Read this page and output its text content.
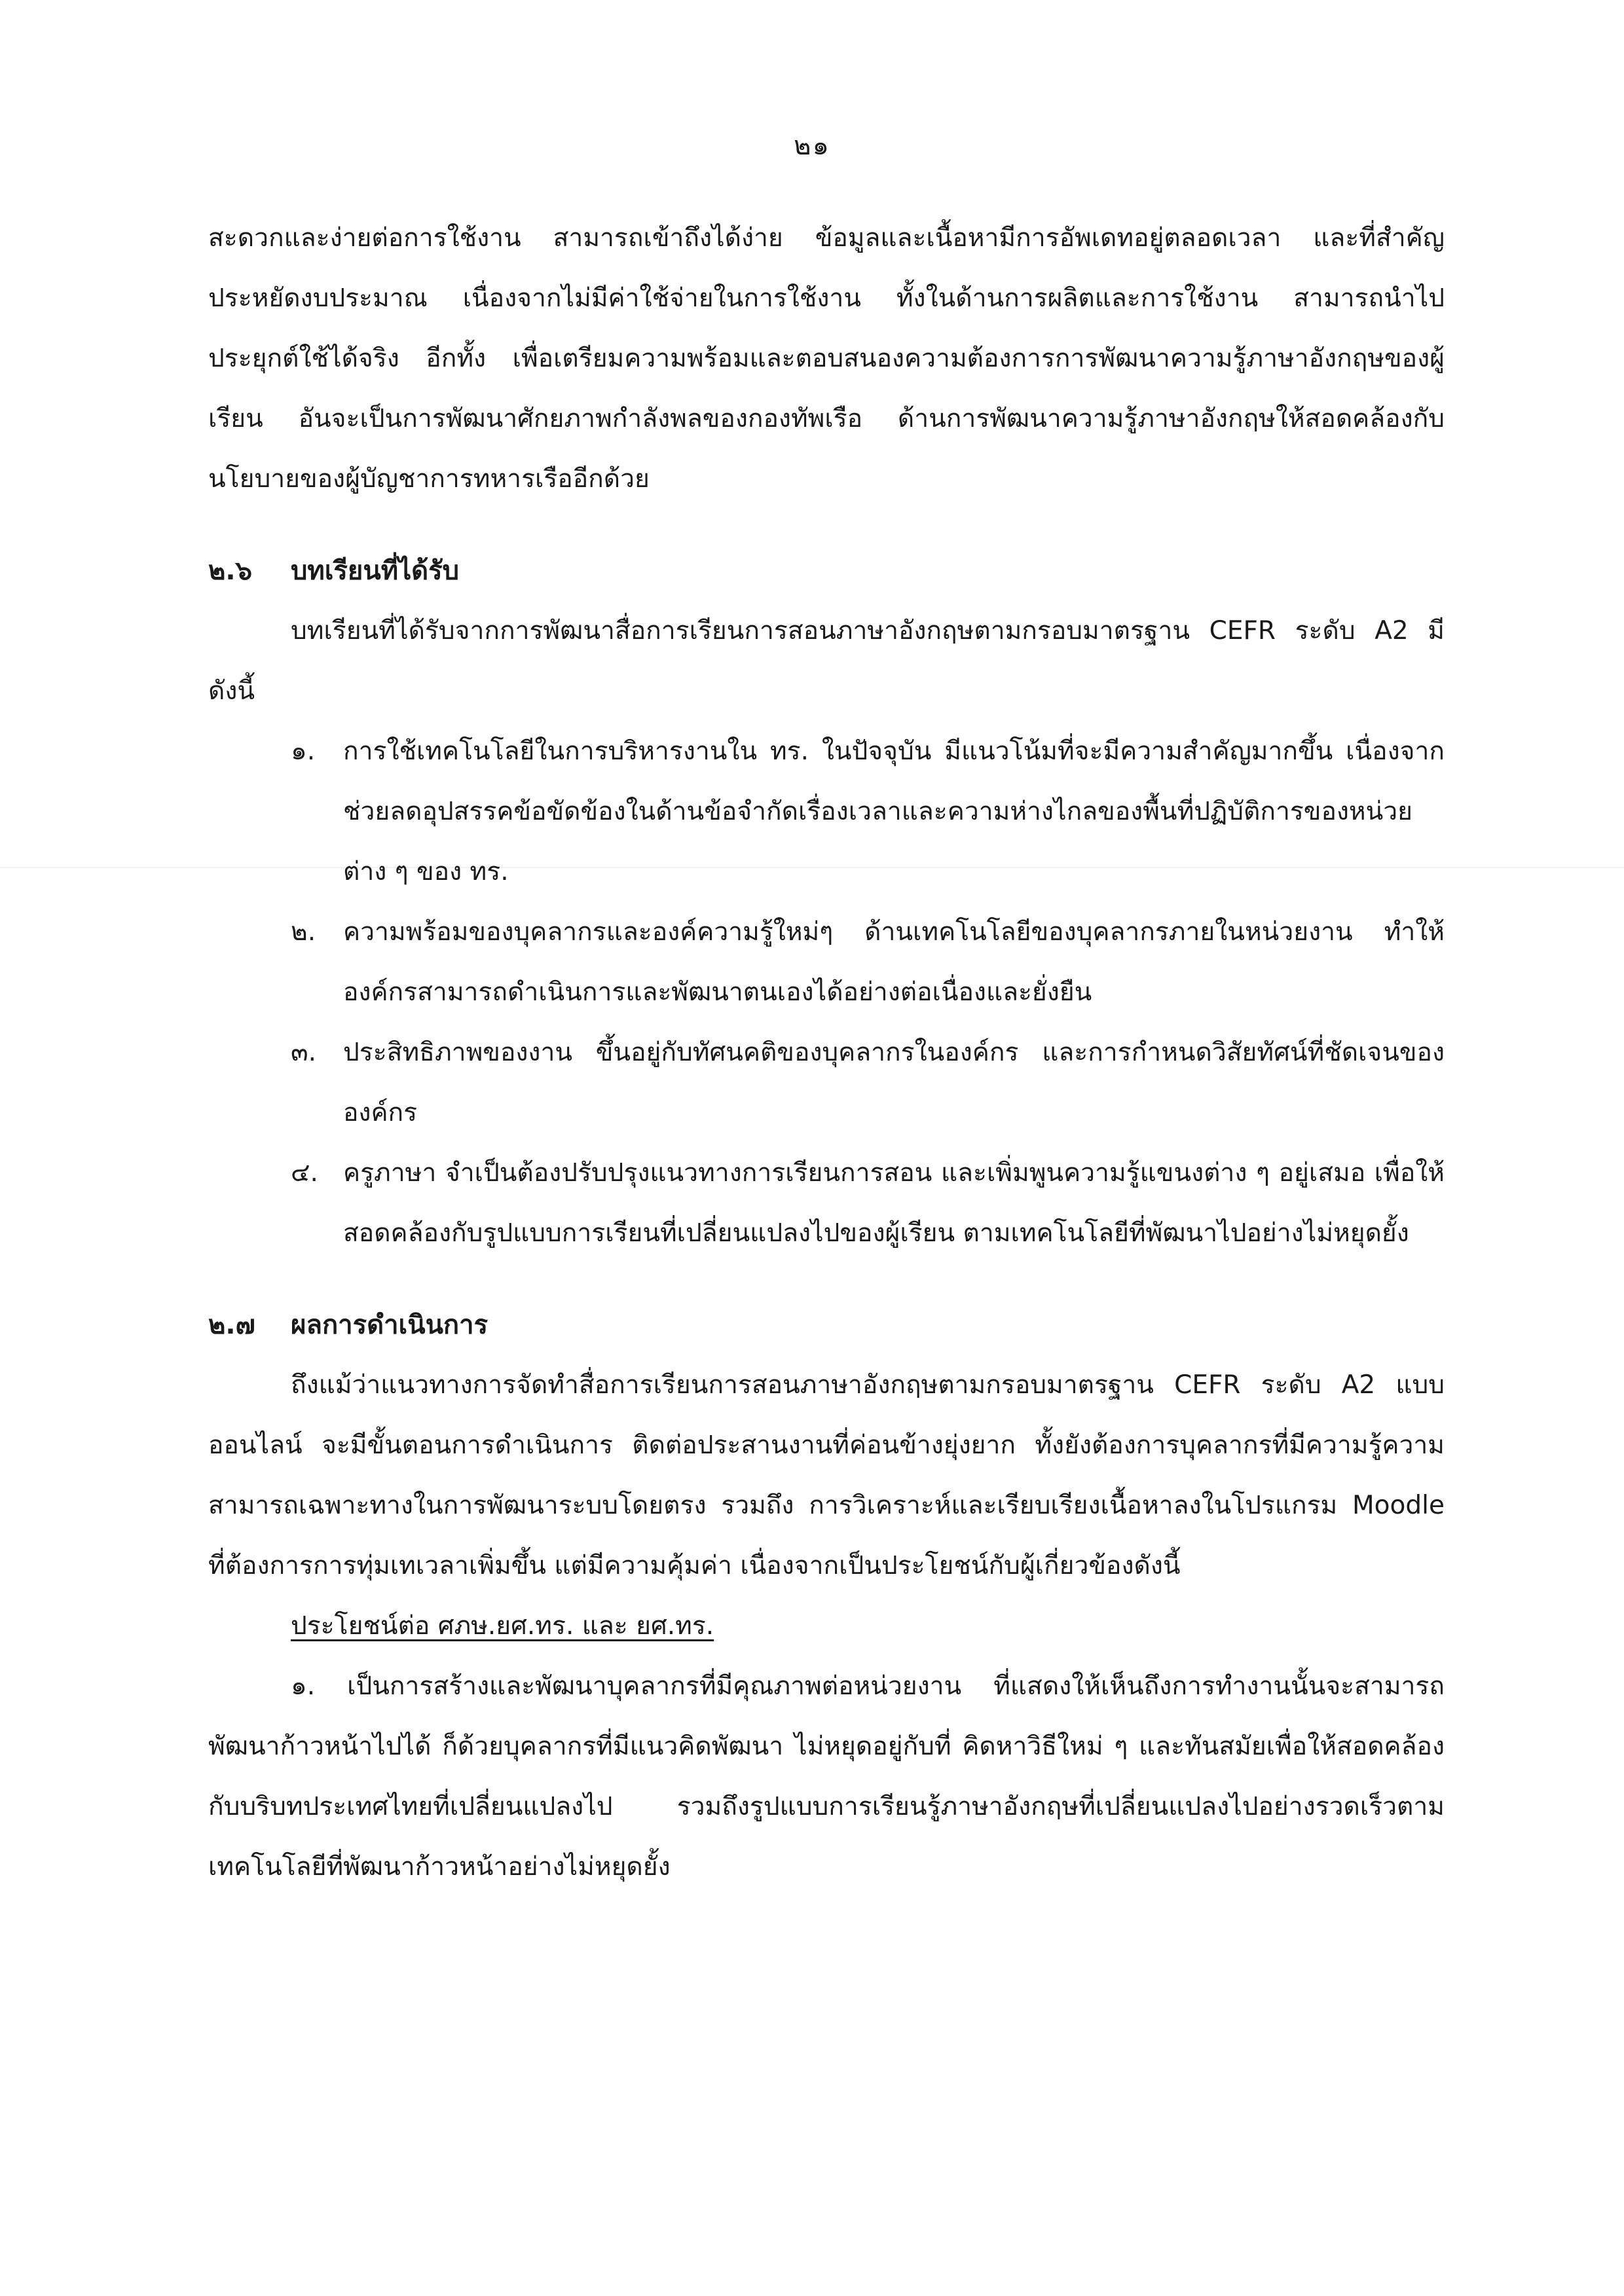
๒๑

สะดวกและง่ายต่อการใช้งาน สามารถเข้าถึงได้ง่าย ข้อมูลและเนื้อหามีการอัพเดทอยู่ตลอดเวลา และที่สำคัญประหยัดงบประมาณ เนื่องจากไม่มีค่าใช้จ่ายในการใช้งาน ทั้งในด้านการผลิตและการใช้งาน สามารถนำไปประยุกต์ใช้ได้จริง อีกทั้ง เพื่อเตรียมความพร้อมและตอบสนองความต้องการการพัฒนาความรู้ภาษาอังกฤษของผู้เรียน อันจะเป็นการพัฒนาศักยภาพกำลังพลของกองทัพเรือ ด้านการพัฒนาความรู้ภาษาอังกฤษให้สอดคล้องกับนโยบายของผู้บัญชาการทหารเรืออีกด้วย

๒.๖	บทเรียนที่ได้รับ

บทเรียนที่ได้รับจากการพัฒนาสื่อการเรียนการสอนภาษาอังกฤษตามกรอบมาตรฐาน CEFR ระดับ A2 มีดังนี้

๑.	การใช้เทคโนโลยีในการบริหารงานใน ทร. ในปัจจุบัน มีแนวโน้มที่จะมีความสำคัญมากขึ้น เนื่องจากช่วยลดอุปสรรคข้อขัดข้องในด้านข้อจำกัดเรื่องเวลาและความห่างไกลของพื้นที่ปฏิบัติการของหน่วยต่าง ๆ ของ ทร.
๒.	ความพร้อมของบุคลากรและองค์ความรู้ใหม่ๆ ด้านเทคโนโลยีของบุคลากรภายในหน่วยงาน ทำให้องค์กรสามารถดำเนินการและพัฒนาตนเองได้อย่างต่อเนื่องและยั่งยืน
๓.	ประสิทธิภาพของงาน ขึ้นอยู่กับทัศนคติของบุคลากรในองค์กร และการกำหนดวิสัยทัศน์ที่ชัดเจนขององค์กร
๔. ครูภาษา จำเป็นต้องปรับปรุงแนวทางการเรียนการสอน และเพิ่มพูนความรู้แขนงต่าง ๆ อยู่เสมอ เพื่อให้สอดคล้องกับรูปแบบการเรียนที่เปลี่ยนแปลงไปของผู้เรียน ตามเทคโนโลยีที่พัฒนาไปอย่างไม่หยุดยั้ง
๒.๗	ผลการดำเนินการ

ถึงแม้ว่าแนวทางการจัดทำสื่อการเรียนการสอนภาษาอังกฤษตามกรอบมาตรฐาน CEFR ระดับ A2 แบบออนไลน์ จะมีขั้นตอนการดำเนินการ ติดต่อประสานงานที่ค่อนข้างยุ่งยาก ทั้งยังต้องการบุคลากรที่มีความรู้ความสามารถเฉพาะทางในการพัฒนาระบบโดยตรง รวมถึง การวิเคราะห์และเรียบเรียงเนื้อหาลงในโปรแกรม Moodle ที่ต้องการการทุ่มเทเวลาเพิ่มขึ้น แต่มีความคุ้มค่า เนื่องจากเป็นประโยชน์กับผู้เกี่ยวข้องดังนี้

ประโยชน์ต่อ ศภษ.ยศ.ทร. และ ยศ.ทร.

๑. เป็นการสร้างและพัฒนาบุคลากรที่มีคุณภาพต่อหน่วยงาน ที่แสดงให้เห็นถึงการทำงานนั้นจะสามารถพัฒนาก้าวหน้าไปได้ ก็ด้วยบุคลากรที่มีแนวคิดพัฒนา ไม่หยุดอยู่กับที่ คิดหาวิธีใหม่ ๆ และทันสมัยเพื่อให้สอดคล้องกับบริบทประเทศไทยที่เปลี่ยนแปลงไป รวมถึงรูปแบบการเรียนรู้ภาษาอังกฤษที่เปลี่ยนแปลงไปอย่างรวดเร็วตามเทคโนโลยีที่พัฒนาก้าวหน้าอย่างไม่หยุดยั้ง
